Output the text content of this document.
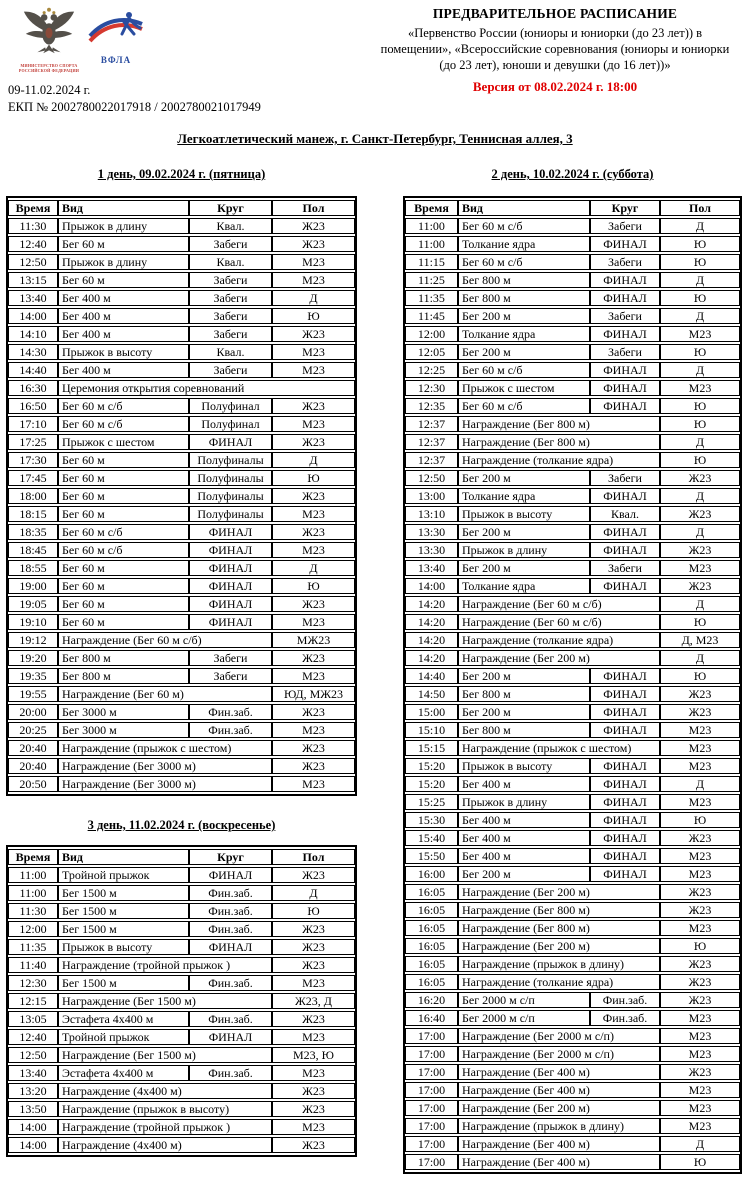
МИНИСТЕРСТВО СПОРТА
РОССИЙСКОЙ ФЕДЕРАЦИИ
ВФЛА
ПРЕДВАРИТЕЛЬНОЕ РАСПИСАНИЕ
«Первенство России (юниоры и юниорки (до 23 лет)) в
помещении», «Всероссийские соревнования (юниоры и юниорки
(до 23 лет), юноши и девушки (до 16 лет))»
Версия от 08.02.2024 г. 18:00
09-11.02.2024 г.
ЕКП № 2002780022017918 / 2002780021017949
Легкоатлетический манеж, г. Санкт-Петербург, Теннисная аллея, 3
1 день, 09.02.2024 г. (пятница)	2 день, 10.02.2024 г. (суббота)
3 день, 11.02.2024 г. (воскресенье)
Время	Вид	Круг	Пол
11:30	Прыжок в длину	Квал.	Ж23
12:40	Бег 60 м	Забеги	Ж23
12:50	Прыжок в длину	Квал.	М23
13:15	Бег 60 м	Забеги	М23
13:40	Бег 400 м	Забеги	Д
14:00	Бег 400 м	Забеги	Ю
14:10	Бег 400 м	Забеги	Ж23
14:30	Прыжок в высоту	Квал.	М23
14:40	Бег 400 м	Забеги	М23
16:30	Церемония открытия соревнований		
16:50	Бег 60 м с/б	Полуфинал	Ж23
17:10	Бег 60 м с/б	Полуфинал	М23
17:25	Прыжок с шестом	ФИНАЛ	Ж23
17:30	Бег 60 м	Полуфиналы	Д
17:45	Бег 60 м	Полуфиналы	Ю
18:00	Бег 60 м	Полуфиналы	Ж23
18:15	Бег 60 м	Полуфиналы	М23
18:35	Бег 60 м с/б	ФИНАЛ	Ж23
18:45	Бег 60 м с/б	ФИНАЛ	М23
18:55	Бег 60 м	ФИНАЛ	Д
19:00	Бег 60 м	ФИНАЛ	Ю
19:05	Бег 60 м	ФИНАЛ	Ж23
19:10	Бег 60 м	ФИНАЛ	М23
19:12	Награждение (Бег 60 м с/б)		МЖ23
19:20	Бег 800 м	Забеги	Ж23
19:35	Бег 800 м	Забеги	М23
19:55	Награждение (Бег 60 м)		ЮД, МЖ23
20:00	Бег 3000 м	Фин.заб.	Ж23
20:25	Бег 3000 м	Фин.заб.	М23
20:40	Награждение (прыжок с шестом)		Ж23
20:40	Награждение (Бег 3000 м)		Ж23
20:50	Награждение (Бег 3000 м)		М23
Время	Вид	Круг	Пол
11:00	Бег 60 м с/б	Забеги	Д
11:00	Толкание ядра	ФИНАЛ	Ю
11:15	Бег 60 м с/б	Забеги	Ю
11:25	Бег 800 м	ФИНАЛ	Д
11:35	Бег 800 м	ФИНАЛ	Ю
11:45	Бег 200 м	Забеги	Д
12:00	Толкание ядра	ФИНАЛ	М23
12:05	Бег 200 м	Забеги	Ю
12:25	Бег 60 м с/б	ФИНАЛ	Д
12:30	Прыжок с шестом	ФИНАЛ	М23
12:35	Бег 60 м с/б	ФИНАЛ	Ю
12:37	Награждение (Бег 800 м)		Ю
12:37	Награждение (Бег 800 м)		Д
12:37	Награждение (толкание ядра)		Ю
12:50	Бег 200 м	Забеги	Ж23
13:00	Толкание ядра	ФИНАЛ	Д
13:10	Прыжок в высоту	Квал.	Ж23
13:30	Бег 200 м	ФИНАЛ	Д
13:30	Прыжок в длину	ФИНАЛ	Ж23
13:40	Бег 200 м	Забеги	М23
14:00	Толкание ядра	ФИНАЛ	Ж23
14:20	Награждение (Бег 60 м с/б)		Д
14:20	Награждение (Бег 60 м с/б)		Ю
14:20	Награждение (толкание ядра)		Д, М23
14:20	Награждение (Бег 200 м)		Д
14:40	Бег 200 м	ФИНАЛ	Ю
14:50	Бег 800 м	ФИНАЛ	Ж23
15:00	Бег 200 м	ФИНАЛ	Ж23
15:10	Бег 800 м	ФИНАЛ	М23
15:15	Награждение (прыжок с шестом)		М23
15:20	Прыжок в высоту	ФИНАЛ	М23
15:20	Бег 400 м	ФИНАЛ	Д
15:25	Прыжок в длину	ФИНАЛ	М23
15:30	Бег 400 м	ФИНАЛ	Ю
15:40	Бег 400 м	ФИНАЛ	Ж23
15:50	Бег 400 м	ФИНАЛ	М23
16:00	Бег 200 м	ФИНАЛ	М23
16:05	Награждение (Бег 200 м)		Ж23
16:05	Награждение (Бег 800 м)		Ж23
16:05	Награждение (Бег 800 м)		М23
16:05	Награждение (Бег 200 м)		Ю
16:05	Награждение (прыжок в длину)		Ж23
16:05	Награждение (толкание ядра)		Ж23
16:20	Бег 2000 м с/п	Фин.заб.	Ж23
16:40	Бег 2000 м с/п	Фин.заб.	М23
17:00	Награждение (Бег 2000 м с/п)		М23
17:00	Награждение (Бег 2000 м с/п)		М23
17:00	Награждение (Бег 400 м)		Ж23
17:00	Награждение (Бег 400 м)		М23
17:00	Награждение (Бег 200 м)		М23
17:00	Награждение (прыжок в длину)		М23
17:00	Награждение (Бег 400 м)		Д
17:00	Награждение (Бег 400 м)		Ю
Время	Вид	Круг	Пол
11:00	Тройной прыжок	ФИНАЛ	Ж23
11:00	Бег 1500 м	Фин.заб.	Д
11:30	Бег 1500 м	Фин.заб.	Ю
12:00	Бег 1500 м	Фин.заб.	Ж23
11:35	Прыжок в высоту	ФИНАЛ	Ж23
11:40	Награждение (тройной прыжок )		Ж23
12:30	Бег 1500 м	Фин.заб.	М23
12:15	Награждение (Бег 1500 м)		Ж23, Д
13:05	Эстафета 4х400 м	Фин.заб.	Ж23
12:40	Тройной прыжок	ФИНАЛ	М23
12:50	Награждение (Бег 1500 м)		М23, Ю
13:40	Эстафета 4х400 м	Фин.заб.	М23
13:20	Награждение (4х400 м)		Ж23
13:50	Награждение (прыжок в высоту)		Ж23
14:00	Награждение (тройной прыжок )		М23
14:00	Награждение (4х400 м)		Ж23
